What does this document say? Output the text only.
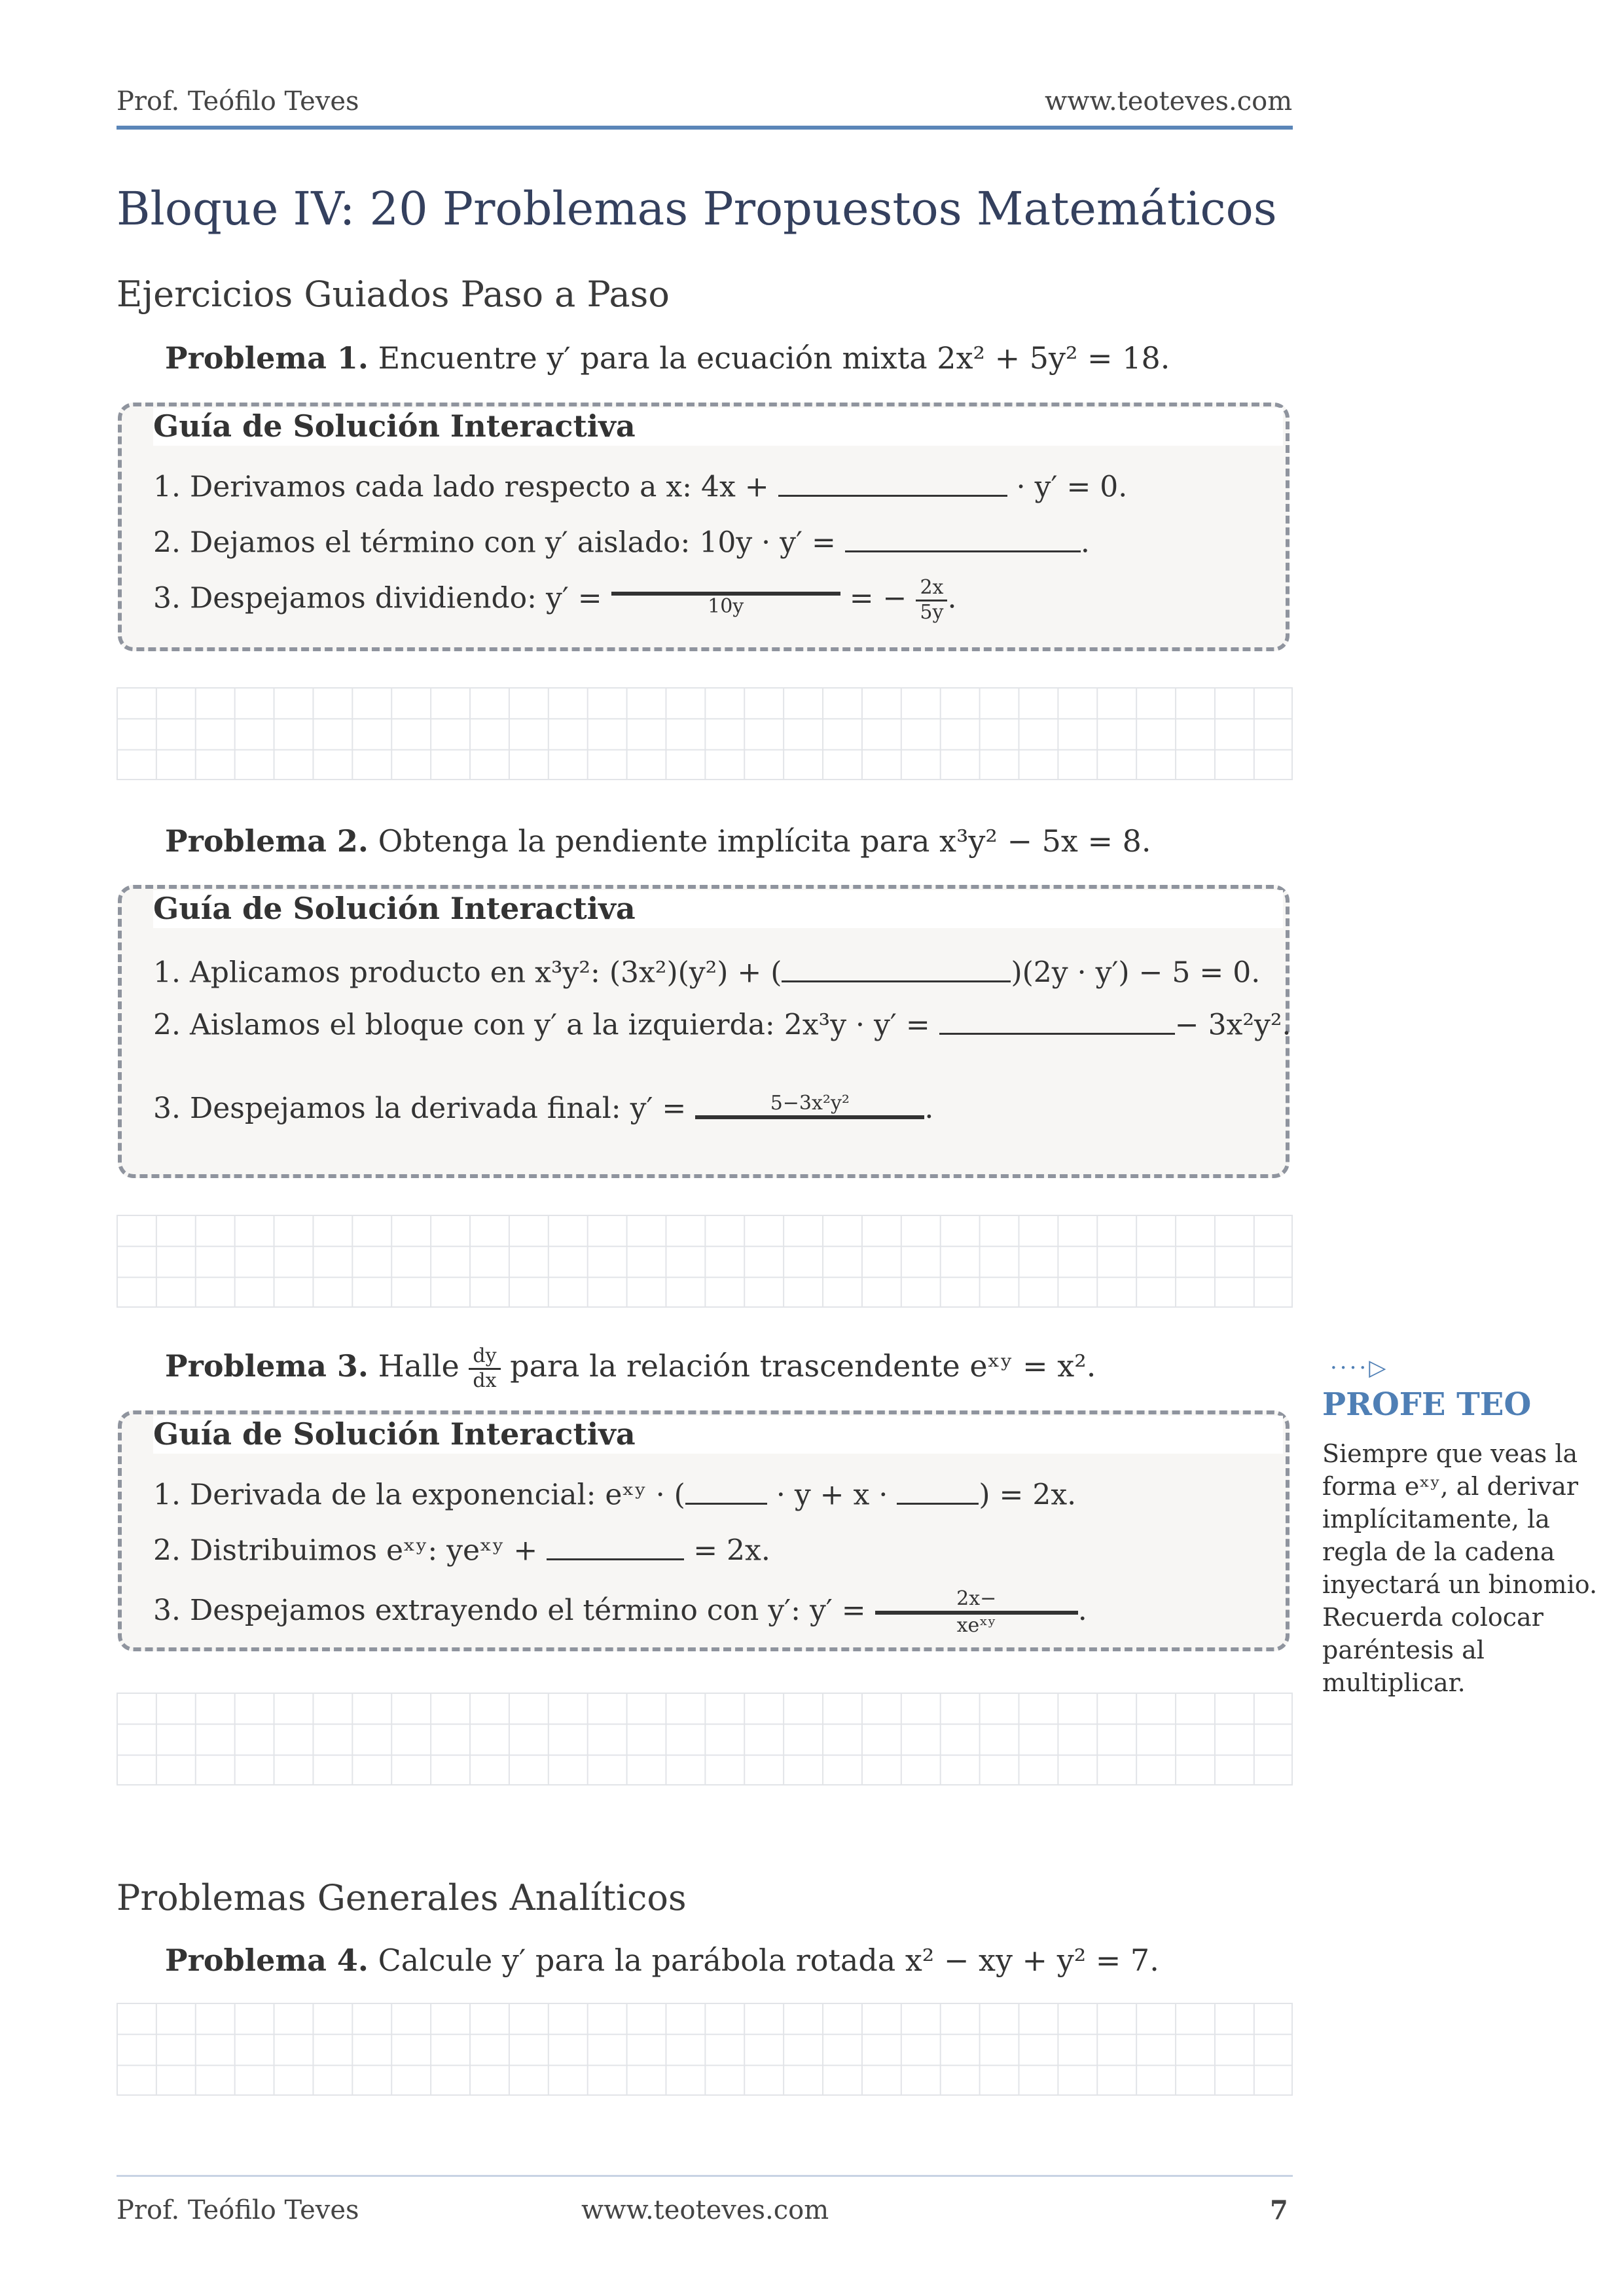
Prof. Teófilo Teves	www.teoteves.com
Bloque IV: 20 Problemas Propuestos Matemáticos
Ejercicios Guiados Paso a Paso
Problema 1. Encuentre y′ para la ecuación mixta 2x² + 5y² = 18.
Guía de Solución Interactiva
1. Derivamos cada lado respecto a x: 4x +	· y′ = 0.
2. Dejamos el término con y′ aislado: 10y · y′ =	.
3. Despejamos dividiendo: y′ =	10y	= − $\frac{2x}{5y}$ .
Problema 2. Obtenga la pendiente implícita para x³y² − 5x = 8.
Guía de Solución Interactiva
1. Aplicamos producto en x³y²: (3x²)(y²) + (	)(2y · y′) − 5 = 0.
2. Aislamos el bloque con y′ a la izquierda: 2x³y · y′ =	− 3x²y².
3. Despejamos la derivada final: y′ =	5−3x²y²	.
Problema 3. Halle $\frac{dy}{dx}$ para la relación trascendente eˣʸ = x².
Guía de Solución Interactiva
1. Derivada de la exponencial: eˣʸ · (	· y + x ·	) = 2x.
2. Distribuimos eˣʸ: yeˣʸ +	= 2x.
3. Despejamos extrayendo el término con y′: $y' = \frac{2x-}{\text{xeˣʸ}}$ .
····▷
PROFE TEO
Siempre que veas la forma eˣʸ, al derivar implícitamente, la regla de la cadena inyectará un binomio. Recuerda colocar paréntesis al multiplicar.
Problemas Generales Analíticos
Problema 4. Calcule y′ para la parábola rotada x² − xy + y² = 7.
Prof. Teófilo Teves	www.teoteves.com	7
